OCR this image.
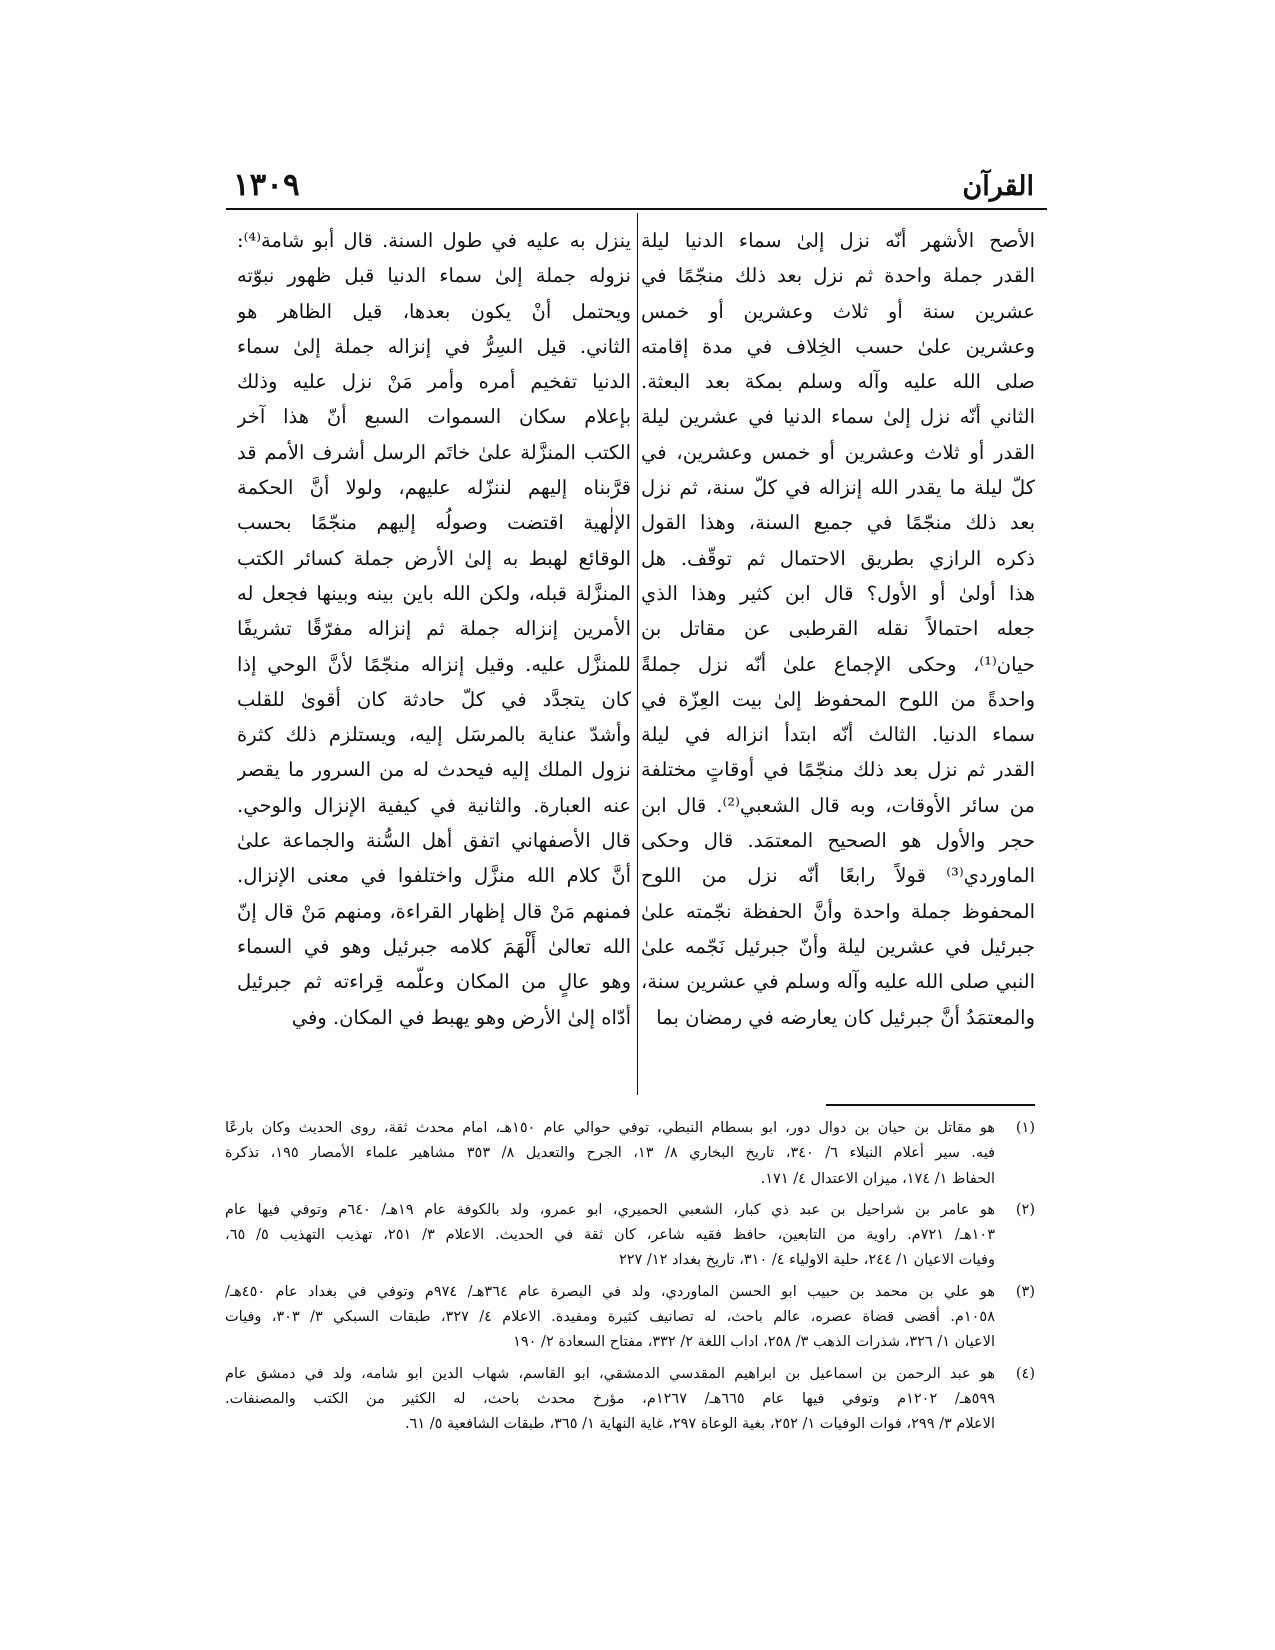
١٣٠٩	القرآن
الأصح الأشهر أنّه نزل إلىٰ سماء الدنيا ليلة
القدر جملة واحدة ثم نزل بعد ذلك منجّمًا في
عشرين سنة أو ثلاث وعشرين أو خمس
وعشرين علىٰ حسب الخِلاف في مدة إقامته
صلى الله عليه وآله وسلم بمكة بعد البعثة.
الثاني أنّه نزل إلىٰ سماء الدنيا في عشرين ليلة
القدر أو ثلاث وعشرين أو خمس وعشرين، في
كلّ ليلة ما يقدر الله إنزاله في كلّ سنة، ثم نزل
بعد ذلك منجّمًا في جميع السنة، وهذا القول
ذكره الرازي بطريق الاحتمال ثم توقّف. هل
هذا أولىٰ أو الأول؟ قال ابن كثير وهذا الذي
جعله احتمالاً نقله القرطبى عن مقاتل بن
حيان⁽¹⁾، وحكى الإجماع علىٰ أنّه نزل جملةً
واحدةً من اللوح المحفوظ إلىٰ بيت العِزّة في
سماء الدنيا. الثالث أنّه ابتدأ انزاله في ليلة
القدر ثم نزل بعد ذلك منجّمًا في أوقاتٍ مختلفة
من سائر الأوقات، وبه قال الشعبي⁽²⁾. قال ابن
حجر والأول هو الصحيح المعتمَد. قال وحكى
الماوردي⁽³⁾ قولاً رابعًا أنّه نزل من اللوح
المحفوظ جملة واحدة وأنَّ الحفظة نجّمته علىٰ
جبرئيل في عشرين ليلة وأنّ جبرئيل نَجّمه علىٰ
النبي صلى الله عليه وآله وسلم في عشرين سنة،
والمعتمَدُ أنَّ جبرئيل كان يعارضه في رمضان بما
ينزل به عليه في طول السنة. قال أبو شامة⁽⁴⁾:
نزوله جملة إلىٰ سماء الدنيا قبل ظهور نبوّته
ويحتمل أنْ يكون بعدها، قيل الظاهر هو
الثاني. قيل السِرُّ في إنزاله جملة إلىٰ سماء
الدنيا تفخيم أمره وأمر مَنْ نزل عليه وذلك
بإعلام سكان السموات السبع أنّ هذا آخر
الكتب المنزَّلة علىٰ خاتَم الرسل أشرف الأمم قد
قرَّبناه إليهم لننزّله عليهم، ولولا أنَّ الحكمة
الإلٰهية اقتضت وصولُه إليهم منجّمًا بحسب
الوقائع لهبط به إلىٰ الأرض جملة كسائر الكتب
المنزَّلة قبله، ولكن الله باين بينه وبينها فجعل له
الأمرين إنزاله جملة ثم إنزاله مفرّقًا تشريفًا
للمنزَّل عليه. وقيل إنزاله منجّمًا لأنَّ الوحي إذا
كان يتجدَّد في كلّ حادثة كان أقوىٰ للقلب
وأشدّ عناية بالمرسَل إليه، ويستلزم ذلك كثرة
نزول الملك إليه فيحدث له من السرور ما يقصر
عنه العبارة. والثانية في كيفية الإنزال والوحي.
قال الأصفهاني اتفق أهل السُّنة والجماعة علىٰ
أنَّ كلام الله منزَّل واختلفوا في معنى الإنزال.
فمنهم مَنْ قال إظهار القراءة، ومنهم مَنْ قال إنّ
الله تعالىٰ أَلْهَمَ كلامه جبرئيل وهو في السماء
وهو عالٍ من المكان وعلّمه قِراءته ثم جبرئيل
أدّاه إلىٰ الأرض وهو يهبط في المكان. وفي
(١)
هو مقاتل بن حيان بن دوال دور، ابو بسطام النبطي، توفي حوالي عام ١٥٠هـ، امام محدث ثقة، روى الحديث وكان بارعًا
فيه. سير أعلام النبلاء ٦/ ٣٤٠، تاريخ البخاري ٨/ ١٣، الجرح والتعديل ٨/ ٣٥٣ مشاهير علماء الأمصار ١٩٥، تذكرة
الحفاظ ١/ ١٧٤، ميزان الاعتدال ٤/ ١٧١.
(٢)
هو عامر بن شراحيل بن عبد ذي كبار، الشعبي الحميري، ابو عمرو، ولد بالكوفة عام ١٩هـ/ ٦٤٠م وتوفي فيها عام
١٠٣هـ/ ٧٢١م. راوية من التابعين، حافظ فقيه شاعر، كان ثقة في الحديث. الاعلام ٣/ ٢٥١، تهذيب التهذيب ٥/ ٦٥،
وفيات الاعيان ١/ ٢٤٤، حلية الاولياء ٤/ ٣١٠، تاريخ بغداد ١٢/ ٢٢٧
(٣)
هو علي بن محمد بن حبيب ابو الحسن الماوردي، ولد في البصرة عام ٣٦٤هـ/ ٩٧٤م وتوفي في بغداد عام ٤٥٠هـ/
١٠٥٨م. أقضى قضاة عصره، عالم باحث، له تصانيف كثيرة ومفيدة. الاعلام ٤/ ٣٢٧، طبقات السبكي ٣/ ٣٠٣، وفيات
الاعيان ١/ ٣٢٦، شذرات الذهب ٣/ ٢٥٨، اداب اللغة ٢/ ٣٣٢، مفتاح السعادة ٢/ ١٩٠
(٤)
هو عبد الرحمن بن اسماعيل بن ابراهيم المقدسي الدمشقي، ابو القاسم، شهاب الدين ابو شامه، ولد في دمشق عام
٥٩٩هـ/ ١٢٠٢م وتوفي فيها عام ٦٦٥هـ/ ١٢٦٧م، مؤرخ محدث باحث، له الكثير من الكتب والمصنفات.
الاعلام ٣/ ٢٩٩، فوات الوفيات ١/ ٢٥٢، بغية الوعاة ٢٩٧، غاية النهاية ١/ ٣٦٥، طبقات الشافعية ٥/ ٦١.
